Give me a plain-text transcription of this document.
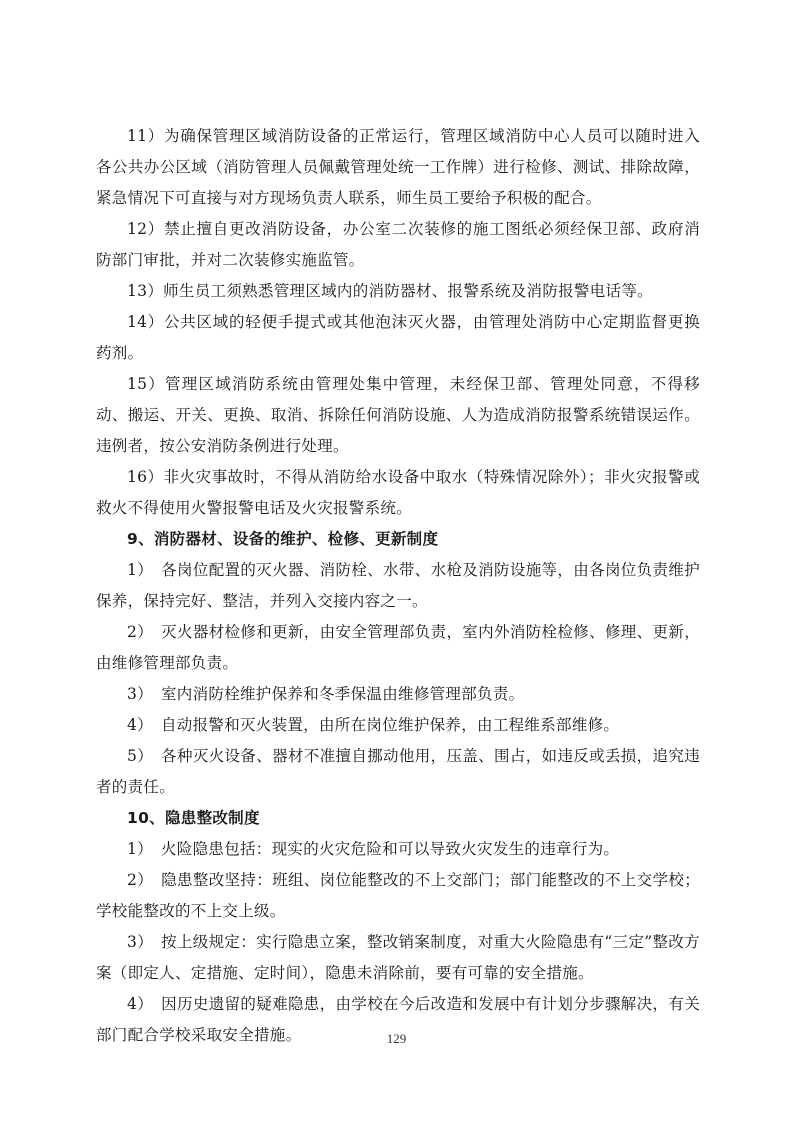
11）为确保管理区域消防设备的正常运行，管理区域消防中心人员可以随时进入各公共办公区域（消防管理人员佩戴管理处统一工作牌）进行检修、测试、排除故障，紧急情况下可直接与对方现场负责人联系，师生员工要给予积极的配合。

12）禁止擅自更改消防设备，办公室二次装修的施工图纸必须经保卫部、政府消防部门审批，并对二次装修实施监管。

13）师生员工须熟悉管理区域内的消防器材、报警系统及消防报警电话等。

14）公共区域的轻便手提式或其他泡沫灭火器，由管理处消防中心定期监督更换药剂。

15）管理区域消防系统由管理处集中管理，未经保卫部、管理处同意，不得移动、搬运、开关、更换、取消、拆除任何消防设施、人为造成消防报警系统错误运作。违例者，按公安消防条例进行处理。

16）非火灾事故时，不得从消防给水设备中取水（特殊情况除外）；非火灾报警或救火不得使用火警报警电话及火灾报警系统。

9、消防器材、设备的维护、检修、更新制度

1）　各岗位配置的灭火器、消防栓、水带、水枪及消防设施等，由各岗位负责维护保养，保持完好、整洁，并列入交接内容之一。

2）　灭火器材检修和更新，由安全管理部负责，室内外消防栓检修、修理、更新，由维修管理部负责。

3）　室内消防栓维护保养和冬季保温由维修管理部负责。

4）　自动报警和灭火装置，由所在岗位维护保养，由工程维系部维修。

5）　各种灭火设备、器材不准擅自挪动他用，压盖、围占，如违反或丢损，追究违者的责任。

10、隐患整改制度

1）　火险隐患包括：现实的火灾危险和可以导致火灾发生的违章行为。

2）　隐患整改坚持：班组、岗位能整改的不上交部门；部门能整改的不上交学校；学校能整改的不上交上级。

3）　按上级规定：实行隐患立案，整改销案制度，对重大火险隐患有“三定”整改方案（即定人、定措施、定时间），隐患未消除前，要有可靠的安全措施。

4）　因历史遗留的疑难隐患，由学校在今后改造和发展中有计划分步骤解决，有关部门配合学校采取安全措施。	129
